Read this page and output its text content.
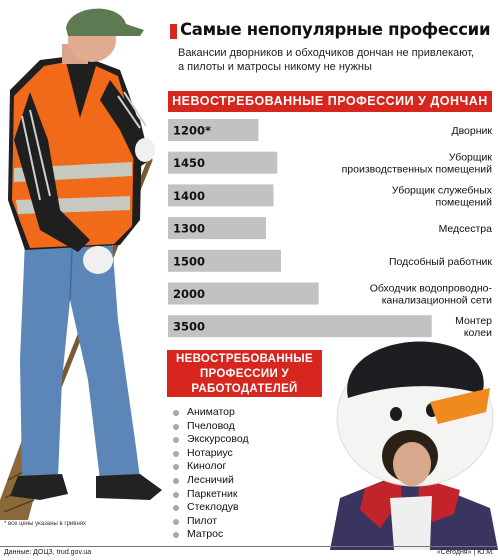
Самые непопулярные профессии
Вакансии дворников и обходчиков дончан не привлекают,
а пилоты и матросы никому не нужны
НЕВОСТРЕБОВАННЫЕ ПРОФЕССИИ У ДОНЧАН
1200*	Дворник
1450	Уборщик
производственных помещений
1400	Уборщик служебных
помещений
1300	Медсестра
1500	Подсобный работник
2000	Обходчик водопроводно-
канализационной сети
3500	Монтер
колеи
НЕВОСТРЕБОВАННЫЕ
ПРОФЕССИИ У
РАБОТОДАТЕЛЕЙ
Аниматор
Пчеловод
Экскурсовод
Нотариус
Кинолог
Лесничий
Паркетник
Стеклодув
Пилот
Матрос
* все цены указаны в гривнях
Данные: ДОЦЗ, trud.gov.ua	«Сегодня» | Ю.М.
